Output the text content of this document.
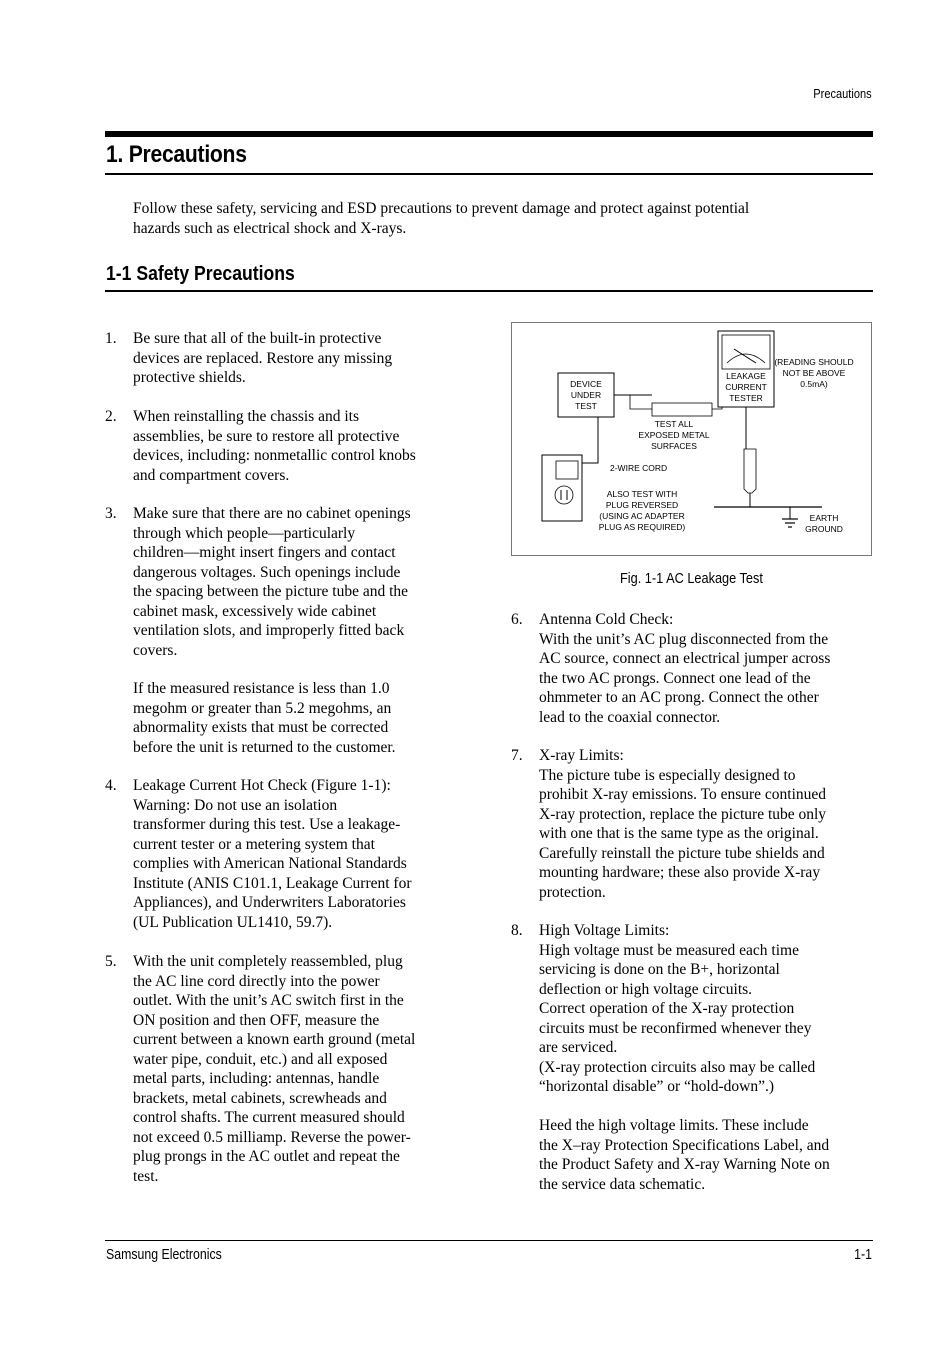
Precautions
1. Precautions
Follow these safety, servicing and ESD precautions to prevent damage and protect against potential
hazards such as electrical shock and X-rays.
1-1 Safety Precautions
1. Be sure that all of the built-in protective
devices are replaced. Restore any missing
protective shields.
2. When reinstalling the chassis and its
assemblies, be sure to restore all protective
devices, including: nonmetallic control knobs
and compartment covers.
3. Make sure that there are no cabinet openings
through which people—particularly
children—might insert fingers and contact
dangerous voltages. Such openings include
the spacing between the picture tube and the
cabinet mask, excessively wide cabinet
ventilation slots, and improperly fitted back
covers.
If the measured resistance is less than 1.0
megohm or greater than 5.2 megohms, an
abnormality exists that must be corrected
before the unit is returned to the customer.
4. Leakage Current Hot Check (Figure 1-1):
Warning: Do not use an isolation
transformer during this test. Use a leakage-
current tester or a metering system that
complies with American National Standards
Institute (ANIS C101.1, Leakage Current for
Appliances), and Underwriters Laboratories
(UL Publication UL1410, 59.7).
5. With the unit completely reassembled, plug
the AC line cord directly into the power
outlet. With the unit’s AC switch first in the
ON position and then OFF, measure the
current between a known earth ground (metal
water pipe, conduit, etc.) and all exposed
metal parts, including: antennas, handle
brackets, metal cabinets, screwheads and
control shafts. The current measured should
not exceed 0.5 milliamp. Reverse the power-
plug prongs in the AC outlet and repeat the
test.
DEVICE
UNDER
TEST
LEAKAGE
CURRENT
TESTER
(READING SHOULD
NOT BE ABOVE
0.5mA)
TEST ALL
EXPOSED METAL
SURFACES
2-WIRE CORD
ALSO TEST WITH
PLUG REVERSED
(USING AC ADAPTER
PLUG AS REQUIRED)
EARTH
GROUND
Fig. 1-1 AC Leakage Test
6. Antenna Cold Check:
With the unit’s AC plug disconnected from the
AC source, connect an electrical jumper across
the two AC prongs. Connect one lead of the
ohmmeter to an AC prong. Connect the other
lead to the coaxial connector.
7. X-ray Limits:
The picture tube is especially designed to
prohibit X-ray emissions. To ensure continued
X-ray protection, replace the picture tube only
with one that is the same type as the original.
Carefully reinstall the picture tube shields and
mounting hardware; these also provide X-ray
protection.
8. High Voltage Limits:
High voltage must be measured each time
servicing is done on the B+, horizontal
deflection or high voltage circuits.
Correct operation of the X-ray protection
circuits must be reconfirmed whenever they
are serviced.
(X-ray protection circuits also may be called
“horizontal disable” or “hold-down”.)
Heed the high voltage limits. These include
the X–ray Protection Specifications Label, and
the Product Safety and X-ray Warning Note on
the service data schematic.
Samsung Electronics	1-1
